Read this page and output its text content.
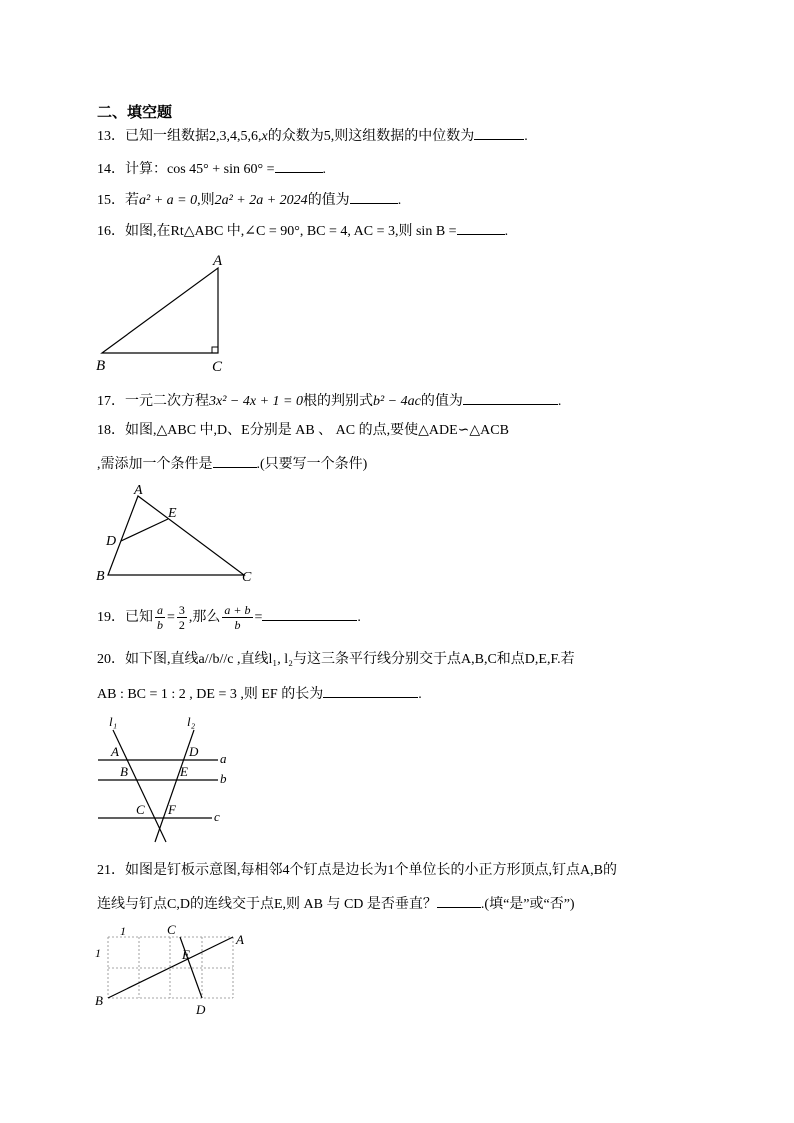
二、填空题
13．已知一组数据2,3,4,5,6,x的众数为5,则这组数据的中位数为	.
14．计算：cos 45° + sin 60° =	.
15．若a² + a = 0,则2a² + 2a + 2024的值为	.
16．如图,在Rt△ABC 中,∠C = 90°, BC = 4, AC = 3,则 sin B =	.
A
B	C
17．一元二次方程3x² − 4x + 1 = 0根的判别式b² − 4ac的值为	.
18．如图,△ABC 中,D、E分别是 AB 、 AC 的点,要使△ADE∽△ACB
,需添加一个条件是	.(只要写一个条件)
A
B	C
D
E
19．已知 $\frac{a}{b} = \frac{3}{2}$ ,那么 $\frac{a + b}{b}$ =	.
20．如下图,直线a//b//c ,直线l₁, l₂与这三条平行线分别交于点A,B,C和点D,E,F.若
AB : BC = 1 : 2 , DE = 3 ,则 EF 的长为	.
l₁	l₂
A
B
C
D
E
F
a
b
c
21．如图是钉板示意图,每相邻4个钉点是边长为1个单位长的小正方形顶点,钉点A,B的
连线与钉点C,D的连线交于点E,则 AB 与 CD 是否垂直？	.(填“是”或“否”)
1
1
A
B
C
D
E
